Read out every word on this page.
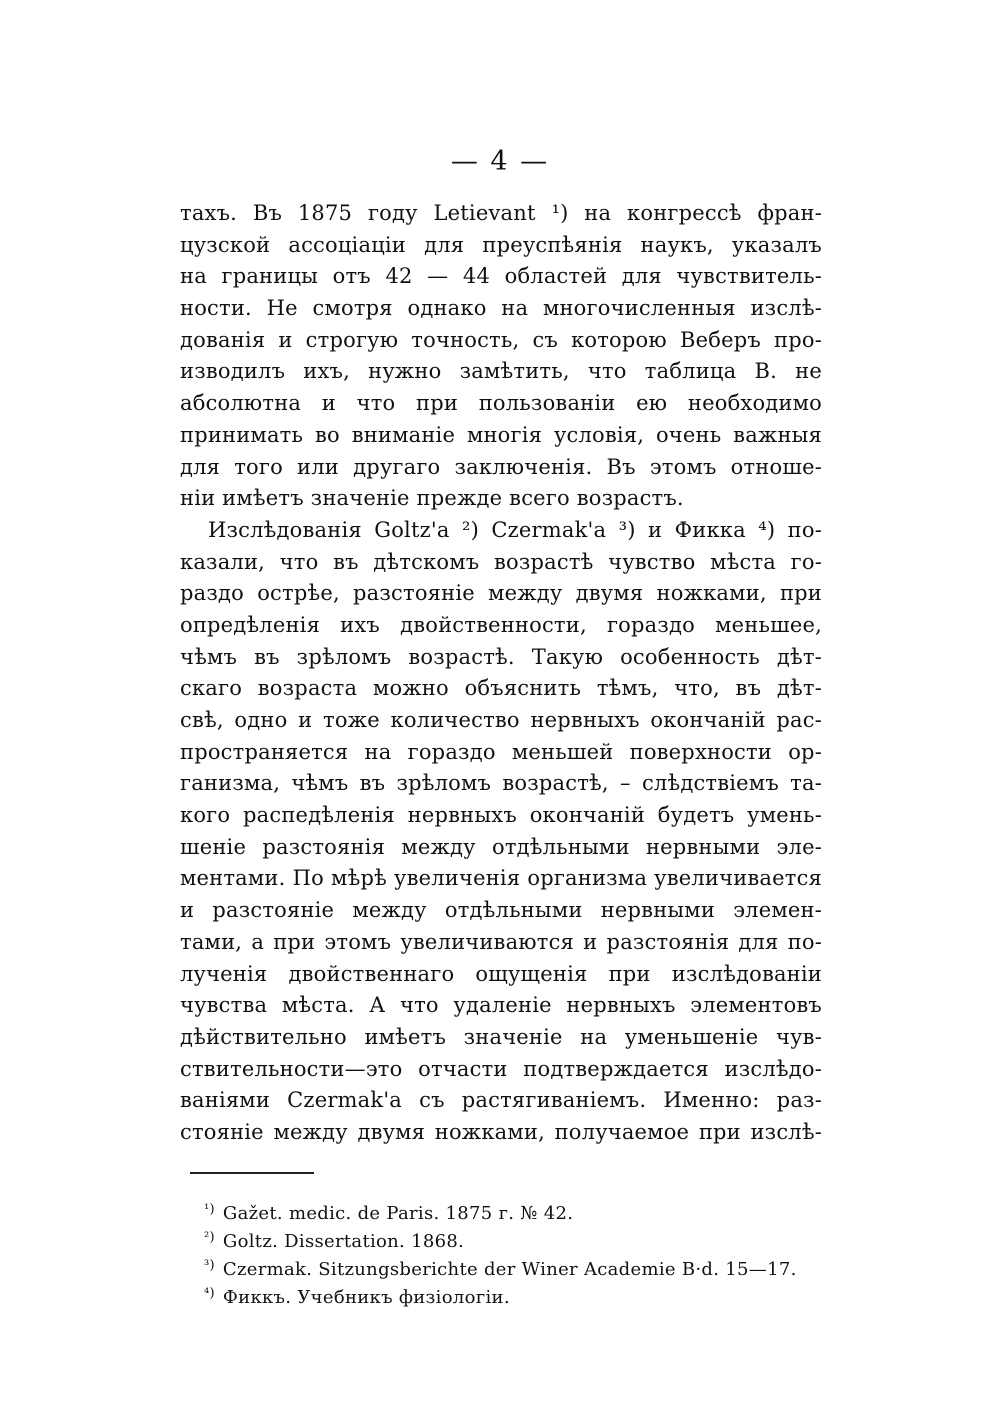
— 4 —
тахъ. Въ 1875 году Letievant ¹) на конгрессѣ фран-
цузской ассоціаціи для преуспѣянія наукъ, указалъ
на границы отъ 42 — 44 областей для чувствитель-
ности. Не смотря однако на многочисленныя изслѣ-
дованія и строгую точность, съ которою Веберъ про-
изводилъ ихъ, нужно замѣтить, что таблица В. не
абсолютна и что при пользованіи ею необходимо
принимать во вниманіе многія условія, очень важныя
для того или другаго заключенія. Въ этомъ отноше-
ніи имѣетъ значеніе прежде всего возрастъ.
Изслѣдованія Goltz'a ²) Czermak'a ³) и Фикка ⁴) по-
казали, что въ дѣтскомъ возрастѣ чувство мѣста го-
раздо острѣе, разстояніе между двумя ножками, при
опредѣленія ихъ двойственности, гораздо меньшее,
чѣмъ въ зрѣломъ возрастѣ. Такую особенность дѣт-
скаго возраста можно объяснить тѣмъ, что, въ дѣт-
свѣ, одно и тоже количество нервныхъ окончаній рас-
пространяется на гораздо меньшей поверхности ор-
ганизма, чѣмъ въ зрѣломъ возрастѣ, – слѣдствіемъ та-
кого распедѣленія нервныхъ окончаній будетъ умень-
шеніе разстоянія между отдѣльными нервными эле-
ментами. По мѣрѣ увеличенія организма увеличивается
и разстояніе между отдѣльными нервными элемен-
тами, а при этомъ увеличиваются и разстоянія для по-
лученія двойственнаго ощущенія при изслѣдованіи
чувства мѣста. А что удаленіе нервныхъ элементовъ
дѣйствительно имѣетъ значеніе на уменьшеніе чув-
ствительности—это отчасти подтверждается изслѣдо-
ваніями Czermak'a съ растягиваніемъ. Именно: раз-
стояніе между двумя ножками, получаемое при изслѣ-
$^{^1)}$ Gažet. medic. de Paris. 1875 г. № 42.
$^{^2)}$ Goltz. Dissertation. 1868.
$^{^3)}$ Czermak. Sitzungsberichte der Winer Academie B·d. 15—17.
$^{^4)}$ Фиккъ. Учебникъ физіологіи.
